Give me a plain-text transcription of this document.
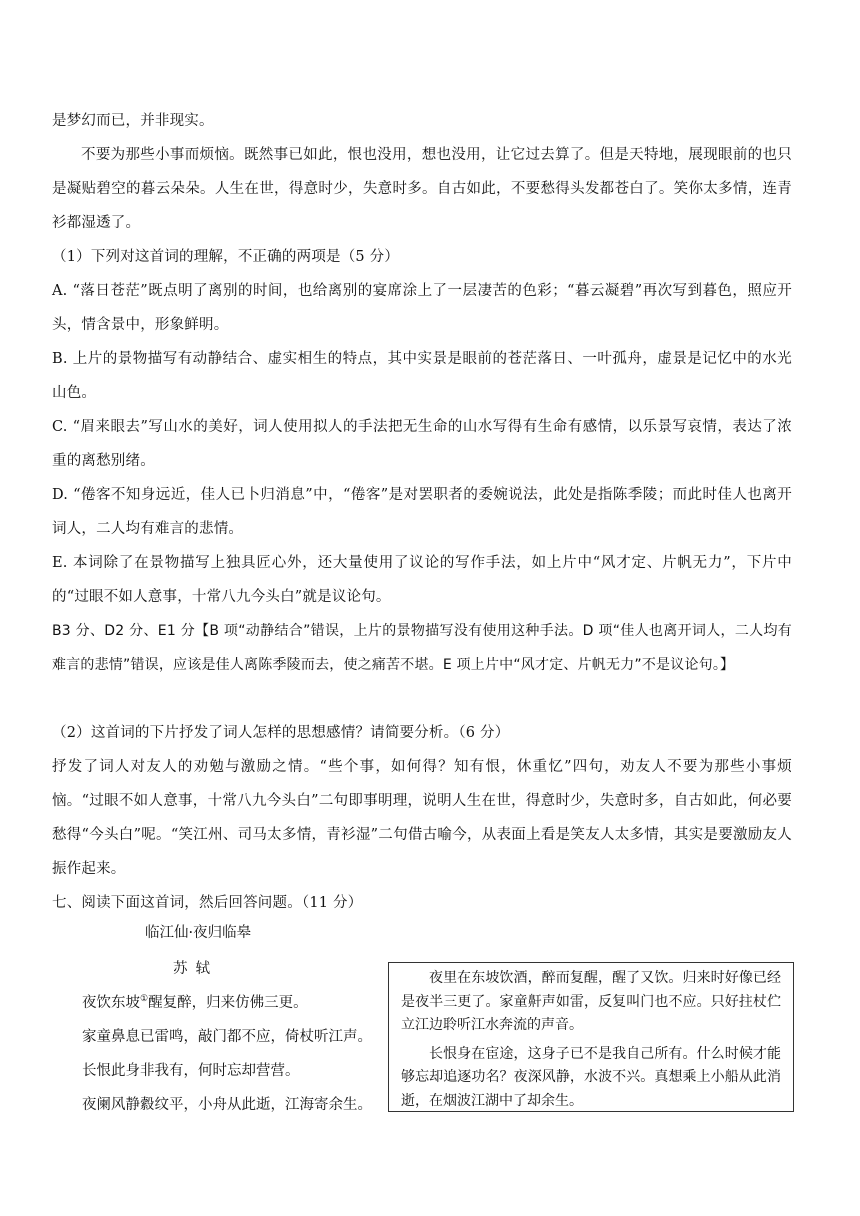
是梦幻而已，并非现实。

不要为那些小事而烦恼。既然事已如此，恨也没用，想也没用，让它过去算了。但是天特地，展现眼前的也只是凝贴碧空的暮云朵朵。人生在世，得意时少，失意时多。自古如此，不要愁得头发都苍白了。笑你太多情，连青衫都湿透了。

（1）下列对这首词的理解，不正确的两项是（5 分）

A. “落日苍茫”既点明了离别的时间，也给离别的宴席涂上了一层凄苦的色彩；“暮云凝碧”再次写到暮色，照应开头，情含景中，形象鲜明。

B. 上片的景物描写有动静结合、虚实相生的特点，其中实景是眼前的苍茫落日、一叶孤舟，虚景是记忆中的水光山色。

C. “眉来眼去”写山水的美好，词人使用拟人的手法把无生命的山水写得有生命有感情，以乐景写哀情，表达了浓重的离愁别绪。

D. “倦客不知身远近，佳人已卜归消息”中，“倦客”是对罢职者的委婉说法，此处是指陈季陵；而此时佳人也离开词人，二人均有难言的悲情。

E. 本词除了在景物描写上独具匠心外，还大量使用了议论的写作手法，如上片中“风才定、片帆无力”，下片中的“过眼不如人意事，十常八九今头白”就是议论句。

B3 分、D2 分、E1 分【B 项“动静结合”错误，上片的景物描写没有使用这种手法。D 项“佳人也离开词人，二人均有难言的悲情”错误，应该是佳人离陈季陵而去，使之痛苦不堪。E 项上片中“风才定、片帆无力”不是议论句。】

（2）这首词的下片抒发了词人怎样的思想感情？请简要分析。（6 分）

抒发了词人对友人的劝勉与激励之情。“些个事，如何得？知有恨，休重忆”四句，劝友人不要为那些小事烦恼。“过眼不如人意事，十常八九今头白”二句即事明理，说明人生在世，得意时少，失意时多，自古如此，何必要愁得“今头白”呢。“笑江州、司马太多情，青衫湿”二句借古喻今，从表面上看是笑友人太多情，其实是要激励友人振作起来。

七、阅读下面这首词，然后回答问题。（11 分）

临江仙·夜归临皋
苏轼
夜饮东坡①醒复醉，归来仿佛三更。
家童鼻息已雷鸣，敲门都不应，倚杖听江声。
长恨此身非我有，何时忘却营营。
夜阑风静縠纹平，小舟从此逝，江海寄余生。

夜里在东坡饮酒，醉而复醒，醒了又饮。归来时好像已经是夜半三更了。家童鼾声如雷，反复叫门也不应。只好拄杖伫立江边聆听江水奔流的声音。

长恨身在宦途，这身子已不是我自己所有。什么时候才能够忘却追逐功名？夜深风静，水波不兴。真想乘上小船从此消逝，在烟波江湖中了却余生。
